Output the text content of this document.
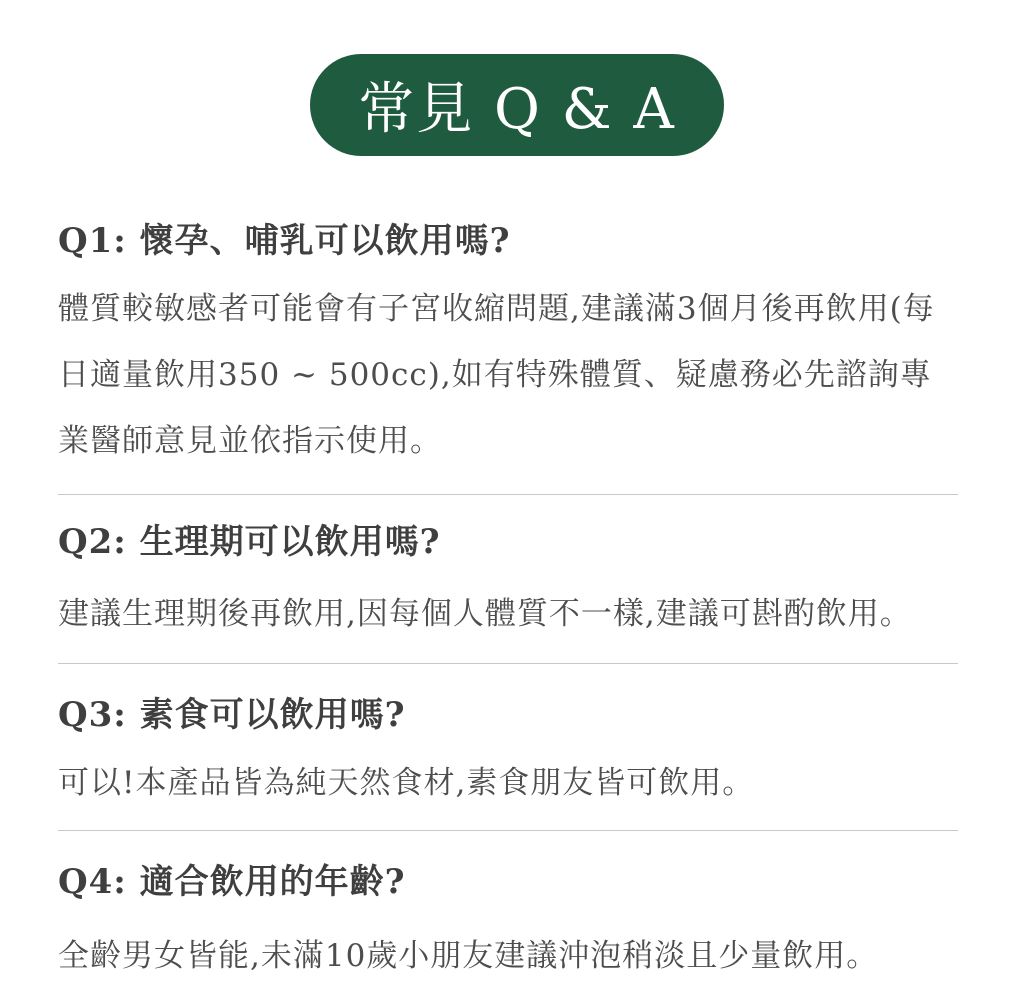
常見 Q & A

Q1: 懷孕、哺乳可以飲用嗎?

體質較敏感者可能會有子宮收縮問題,建議滿3個月後再飲用(每日適量飲用350 ~ 500cc),如有特殊體質、疑慮務必先諮詢專業醫師意見並依指示使用。

Q2: 生理期可以飲用嗎?

建議生理期後再飲用,因每個人體質不一樣,建議可斟酌飲用。

Q3: 素食可以飲用嗎?

可以!本產品皆為純天然食材,素食朋友皆可飲用。

Q4: 適合飲用的年齡?

全齡男女皆能,未滿10歲小朋友建議沖泡稍淡且少量飲用。
